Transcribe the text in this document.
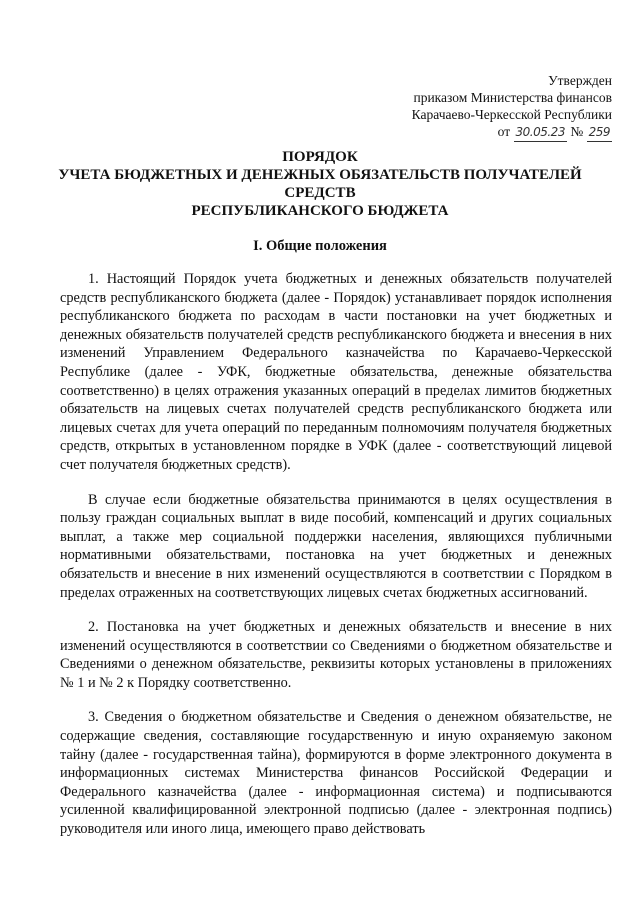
Утвержден
приказом Министерства финансов
Карачаево-Черкесской Республики
от 30.05.23 № 259
ПОРЯДОК
УЧЕТА БЮДЖЕТНЫХ И ДЕНЕЖНЫХ ОБЯЗАТЕЛЬСТВ ПОЛУЧАТЕЛЕЙ
СРЕДСТВ
РЕСПУБЛИКАНСКОГО БЮДЖЕТА
I. Общие положения

1. Настоящий Порядок учета бюджетных и денежных обязательств получателей средств республиканского бюджета (далее - Порядок) устанавливает порядок исполнения республиканского бюджета по расходам в части постановки на учет бюджетных и денежных обязательств получателей средств республиканского бюджета и внесения в них изменений Управлением Федерального казначейства по Карачаево-Черкесской Республике (далее - УФК, бюджетные обязательства, денежные обязательства соответственно) в целях отражения указанных операций в пределах лимитов бюджетных обязательств на лицевых счетах получателей средств республиканского бюджета или лицевых счетах для учета операций по переданным полномочиям получателя бюджетных средств, открытых в установленном порядке в УФК (далее - соответствующий лицевой счет получателя бюджетных средств).

В случае если бюджетные обязательства принимаются в целях осуществления в пользу граждан социальных выплат в виде пособий, компенсаций и других социальных выплат, а также мер социальной поддержки населения, являющихся публичными нормативными обязательствами, постановка на учет бюджетных и денежных обязательств и внесение в них изменений осуществляются в соответствии с Порядком в пределах отраженных на соответствующих лицевых счетах бюджетных ассигнований.

2. Постановка на учет бюджетных и денежных обязательств и внесение в них изменений осуществляются в соответствии со Сведениями о бюджетном обязательстве и Сведениями о денежном обязательстве, реквизиты которых установлены в приложениях № 1 и № 2 к Порядку соответственно.

3. Сведения о бюджетном обязательстве и Сведения о денежном обязательстве, не содержащие сведения, составляющие государственную и иную охраняемую законом тайну (далее - государственная тайна), формируются в форме электронного документа в информационных системах Министерства финансов Российской Федерации и Федерального казначейства (далее - информационная система) и подписываются усиленной квалифицированной электронной подписью (далее - электронная подпись) руководителя или иного лица, имеющего право действовать
